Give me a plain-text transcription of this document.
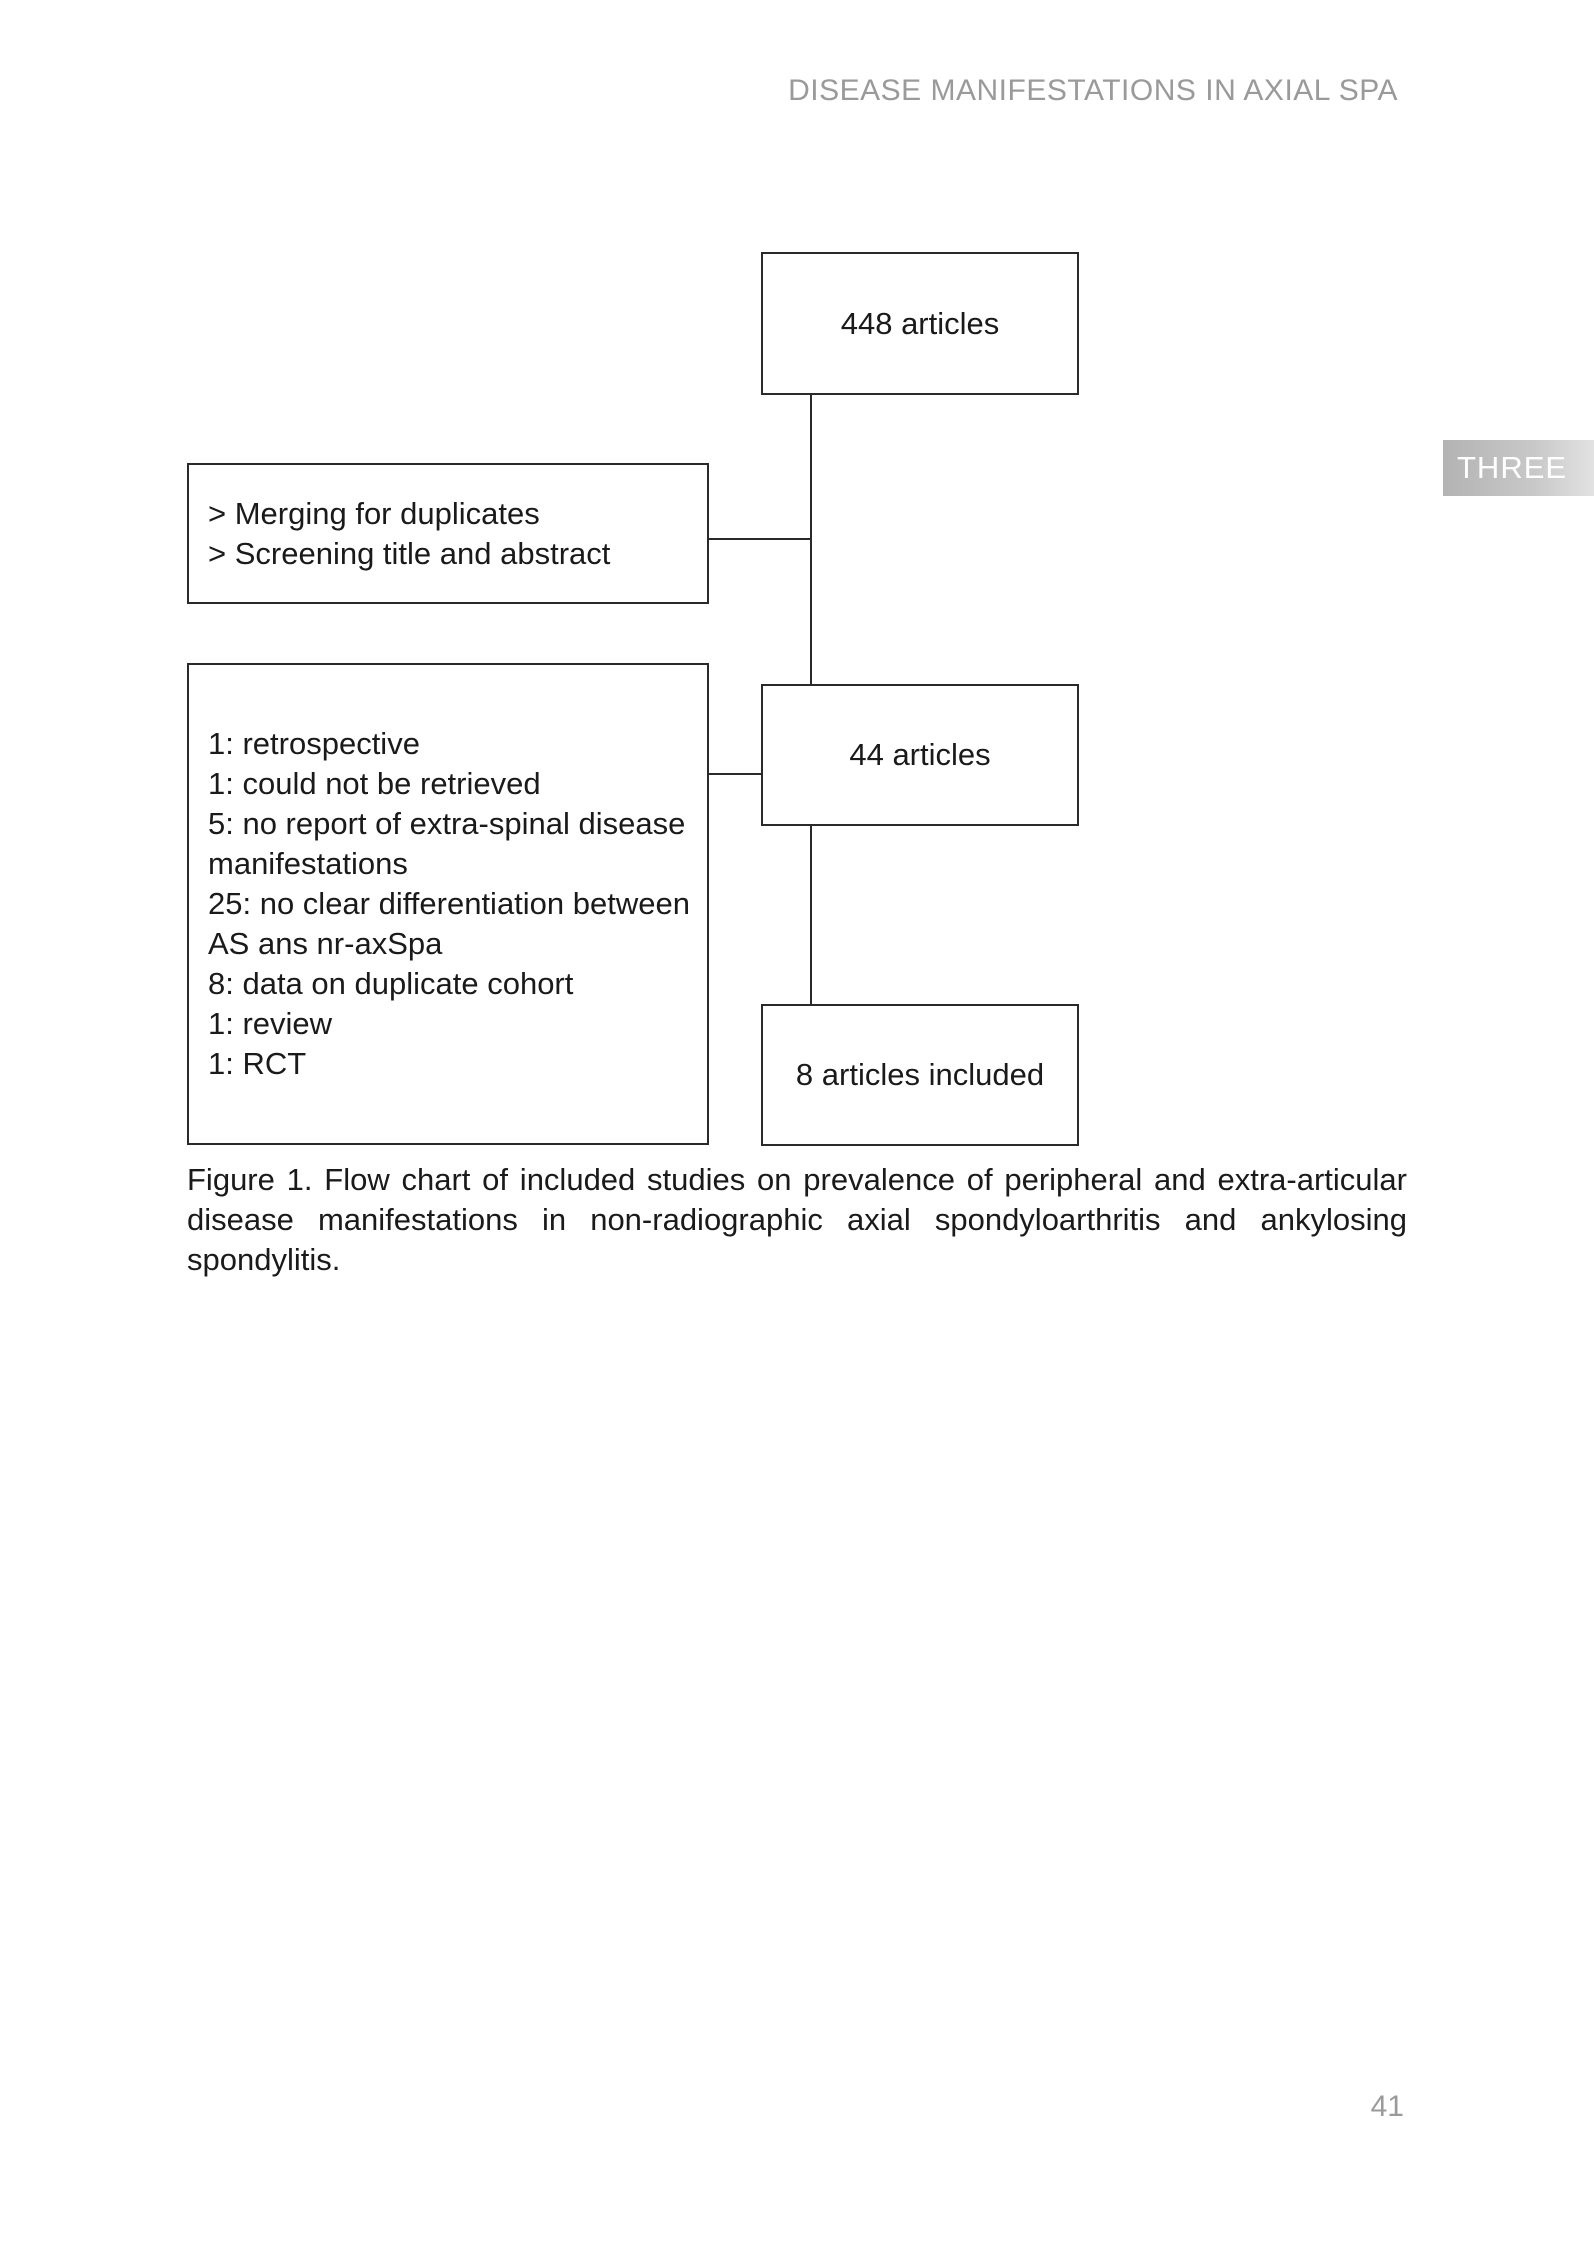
DISEASE MANIFESTATIONS IN AXIAL SPA
THREE
448 articles
> Merging for duplicates
> Screening title and abstract
1: retrospective
1: could not be retrieved
5: no report of extra-spinal disease
manifestations
25: no clear differentiation between
AS ans nr-axSpa
8: data on duplicate cohort
1: review
1: RCT
44 articles
8 articles included
Figure 1. Flow chart of included studies on prevalence of peripheral and extra-articular disease manifestations in non-radiographic axial spondyloarthritis and ankylosing spondylitis.
41
